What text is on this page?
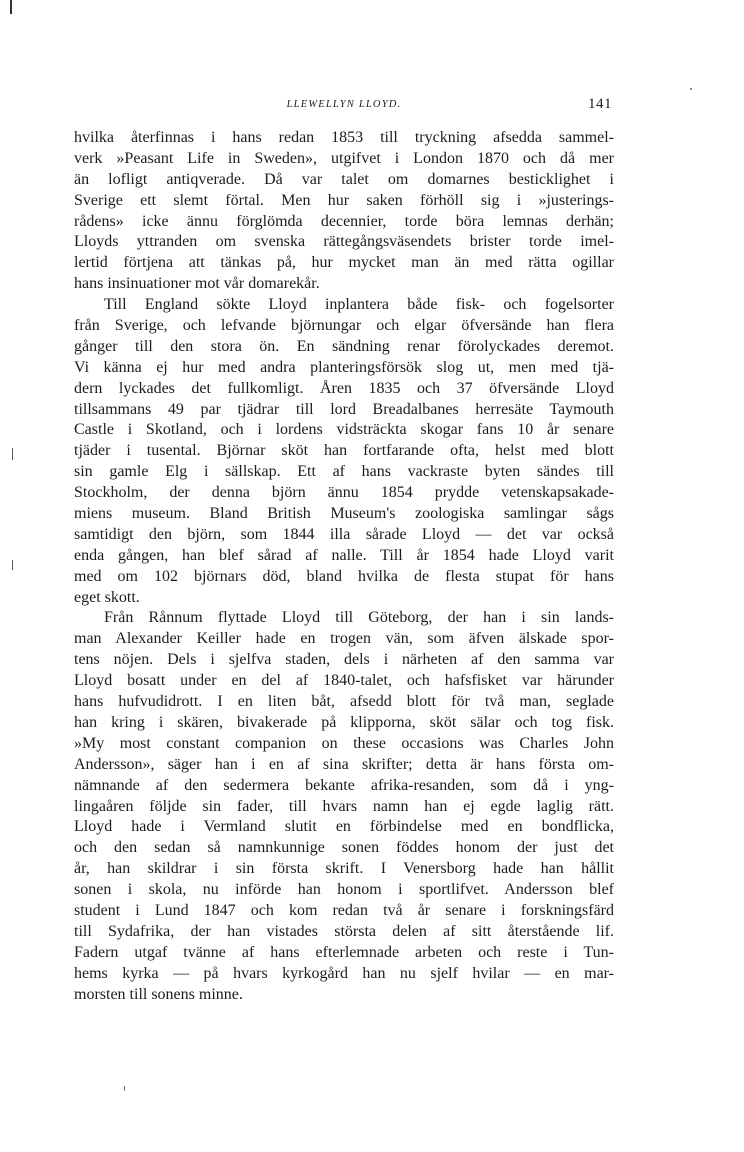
LLEWELLYN LLOYD.	141
hvilka återfinnas i hans redan 1853 till tryckning afsedda sammel-
verk »Peasant Life in Sweden», utgifvet i London 1870 och då mer
än lofligt antiqverade. Då var talet om domarnes besticklighet i
Sverige ett slemt förtal. Men hur saken förhöll sig i »justerings-
rådens» icke ännu förglömda decennier, torde böra lemnas derhän;
Lloyds yttranden om svenska rättegångsväsendets brister torde imel-
lertid förtjena att tänkas på, hur mycket man än med rätta ogillar
hans insinuationer mot vår domarekår.
Till England sökte Lloyd inplantera både fisk- och fogelsorter
från Sverige, och lefvande björnungar och elgar öfversände han flera
gånger till den stora ön. En sändning renar förolyckades deremot.
Vi känna ej hur med andra planteringsförsök slog ut, men med tjä-
dern lyckades det fullkomligt. Åren 1835 och 37 öfversände Lloyd
tillsammans 49 par tjädrar till lord Breadalbanes herresäte Taymouth
Castle i Skotland, och i lordens vidsträckta skogar fans 10 år senare
tjäder i tusental. Björnar sköt han fortfarande ofta, helst med blott
sin gamle Elg i sällskap. Ett af hans vackraste byten sändes till
Stockholm, der denna björn ännu 1854 prydde vetenskapsakade-
miens museum. Bland British Museum's zoologiska samlingar sågs
samtidigt den björn, som 1844 illa sårade Lloyd — det var också
enda gången, han blef sårad af nalle. Till år 1854 hade Lloyd varit
med om 102 björnars död, bland hvilka de flesta stupat för hans
eget skott.
Från Rånnum flyttade Lloyd till Göteborg, der han i sin lands-
man Alexander Keiller hade en trogen vän, som äfven älskade spor-
tens nöjen. Dels i sjelfva staden, dels i närheten af den samma var
Lloyd bosatt under en del af 1840-talet, och hafsfisket var härunder
hans hufvudidrott. I en liten båt, afsedd blott för två man, seglade
han kring i skären, bivakerade på klipporna, sköt sälar och tog fisk.
»My most constant companion on these occasions was Charles John
Andersson», säger han i en af sina skrifter; detta är hans första om-
nämnande af den sedermera bekante afrika-resanden, som då i yng-
lingaåren följde sin fader, till hvars namn han ej egde laglig rätt.
Lloyd hade i Vermland slutit en förbindelse med en bondflicka,
och den sedan så namnkunnige sonen föddes honom der just det
år, han skildrar i sin första skrift. I Venersborg hade han hållit
sonen i skola, nu införde han honom i sportlifvet. Andersson blef
student i Lund 1847 och kom redan två år senare i forskningsfärd
till Sydafrika, der han vistades största delen af sitt återstående lif.
Fadern utgaf tvänne af hans efterlemnade arbeten och reste i Tun-
hems kyrka — på hvars kyrkogård han nu sjelf hvilar — en mar-
morsten till sonens minne.
